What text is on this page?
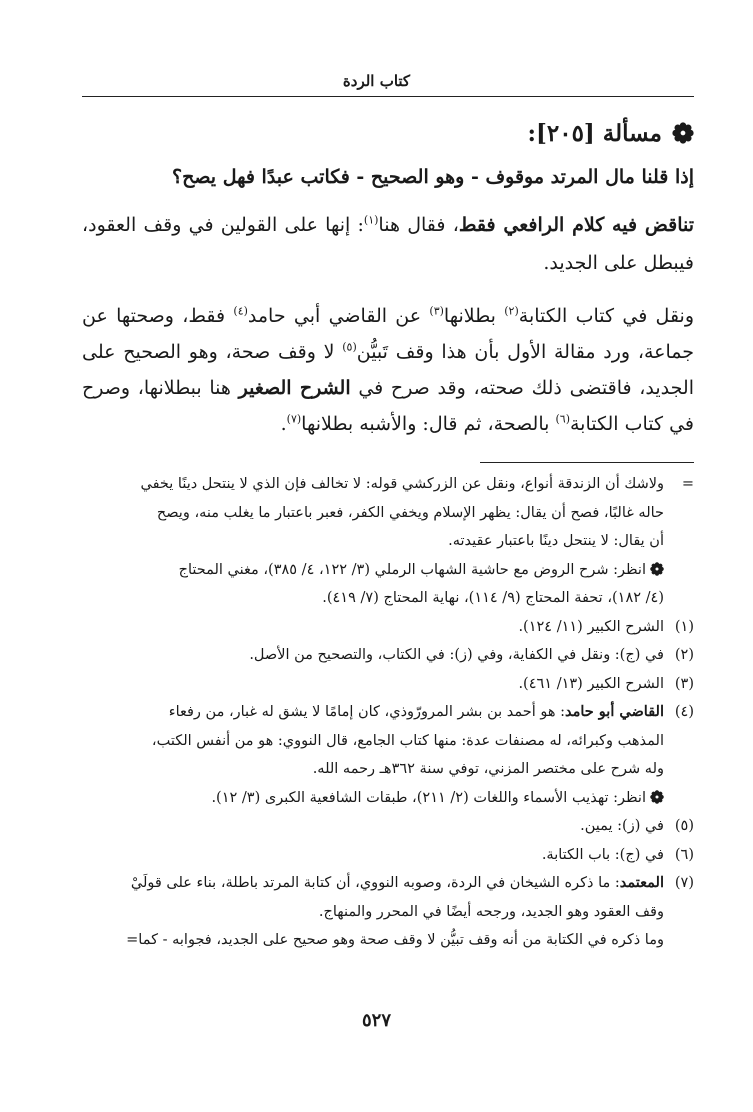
كتاب الردة
مسألة [٢٠٥]:

إذا قلنا مال المرتد موقوف - وهو الصحيح - فكاتب عبدًا فهل يصح؟

تناقض فيه كلام الرافعي فقط، فقال هنا$^{(١)}$: إنها على القولين في وقف العقود، فيبطل على الجديد.

ونقل في كتاب الكتابة$^{(٢)}$ بطلانها$^{(٣)}$ عن القاضي أبي حامد$^{(٤)}$ فقط، وصحتها عن جماعة، ورد مقالة الأول بأن هذا وقف تَبيُّن$^{(٥)}$ لا وقف صحة، وهو الصحيح على الجديد، فاقتضى ذلك صحته، وقد صرح في الشرح الصغير هنا ببطلانها، وصرح في كتاب الكتابة$^{(٦)}$ بالصحة، ثم قال: والأشبه بطلانها$^{(٧)}$.

=
ولاشك أن الزندقة أنواع، ونقل عن الزركشي قوله: لا تخالف فإن الذي لا ينتحل دينًا يخفي
حاله غالبًا، فصح أن يقال: يظهر الإسلام ويخفي الكفر، فعبر باعتبار ما يغلب منه، ويصح
أن يقال: لا ينتحل دينًا باعتبار عقيدته.
انظر: شرح الروض مع حاشية الشهاب الرملي (٣/ ١٢٢، ٤/ ٣٨٥)، مغني المحتاج
(٤/ ١٨٢)، تحفة المحتاج (٩/ ١١٤)، نهاية المحتاج (٧/ ٤١٩).
(١)
الشرح الكبير (١١/ ١٢٤).
(٢)
في (ج): ونقل في الكفاية، وفي (ز): في الكتاب، والتصحيح من الأصل.
(٣)
الشرح الكبير (١٣/ ٤٦١).
(٤)
القاضي أبو حامد: هو أحمد بن بشر المرورّوذي، كان إمامًا لا يشق له غبار، من رفعاء
المذهب وكبرائه، له مصنفات عدة: منها كتاب الجامع، قال النووي: هو من أنفس الكتب،
وله شرح على مختصر المزني، توفي سنة ٣٦٢هـ رحمه الله.
انظر: تهذيب الأسماء واللغات (٢/ ٢١١)، طبقات الشافعية الكبرى (٣/ ١٢).
(٥)
في (ز): يمين.
(٦)
في (ج): باب الكتابة.
(٧)
المعتمد: ما ذكره الشيخان في الردة، وصوبه النووي، أن كتابة المرتد باطلة، بناء على قولَيْ
وقف العقود وهو الجديد، ورجحه أيضًا في المحرر والمنهاج.
وما ذكره في الكتابة من أنه وقف تبيُّن لا وقف صحة وهو صحيح على الجديد، فجوابه - كما=
٥٢٧
